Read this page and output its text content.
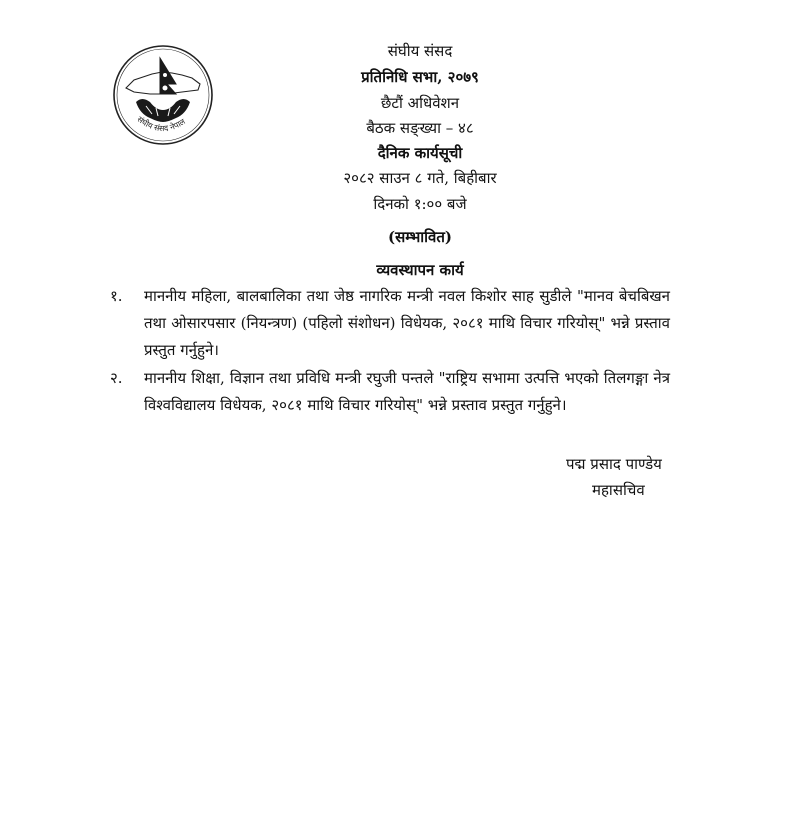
संघीय संसद नेपाल
संघीय संसद
प्रतिनिधि सभा, २०७९
छैटौं अधिवेशन
बैठक सङ्ख्या – ४८
दैनिक कार्यसूची
२०८२ साउन ८ गते, बिहीबार
दिनको १:०० बजे
(सम्भावित)
व्यवस्थापन कार्य
१. माननीय महिला, बालबालिका तथा जेष्ठ नागरिक मन्त्री नवल किशोर साह सुडीले "मानव बेचबिखन तथा ओसारपसार (नियन्त्रण) (पहिलो संशोधन) विधेयक, २०८१ माथि विचार गरियोस्" भन्ने प्रस्ताव प्रस्तुत गर्नुहुने।
२. माननीय शिक्षा, विज्ञान तथा प्रविधि मन्त्री रघुजी पन्तले "राष्ट्रिय सभामा उत्पत्ति भएको तिलगङ्गा नेत्र विश्वविद्यालय विधेयक, २०८१ माथि विचार गरियोस्" भन्ने प्रस्ताव प्रस्तुत गर्नुहुने।
पद्म प्रसाद पाण्डेय
महासचिव
